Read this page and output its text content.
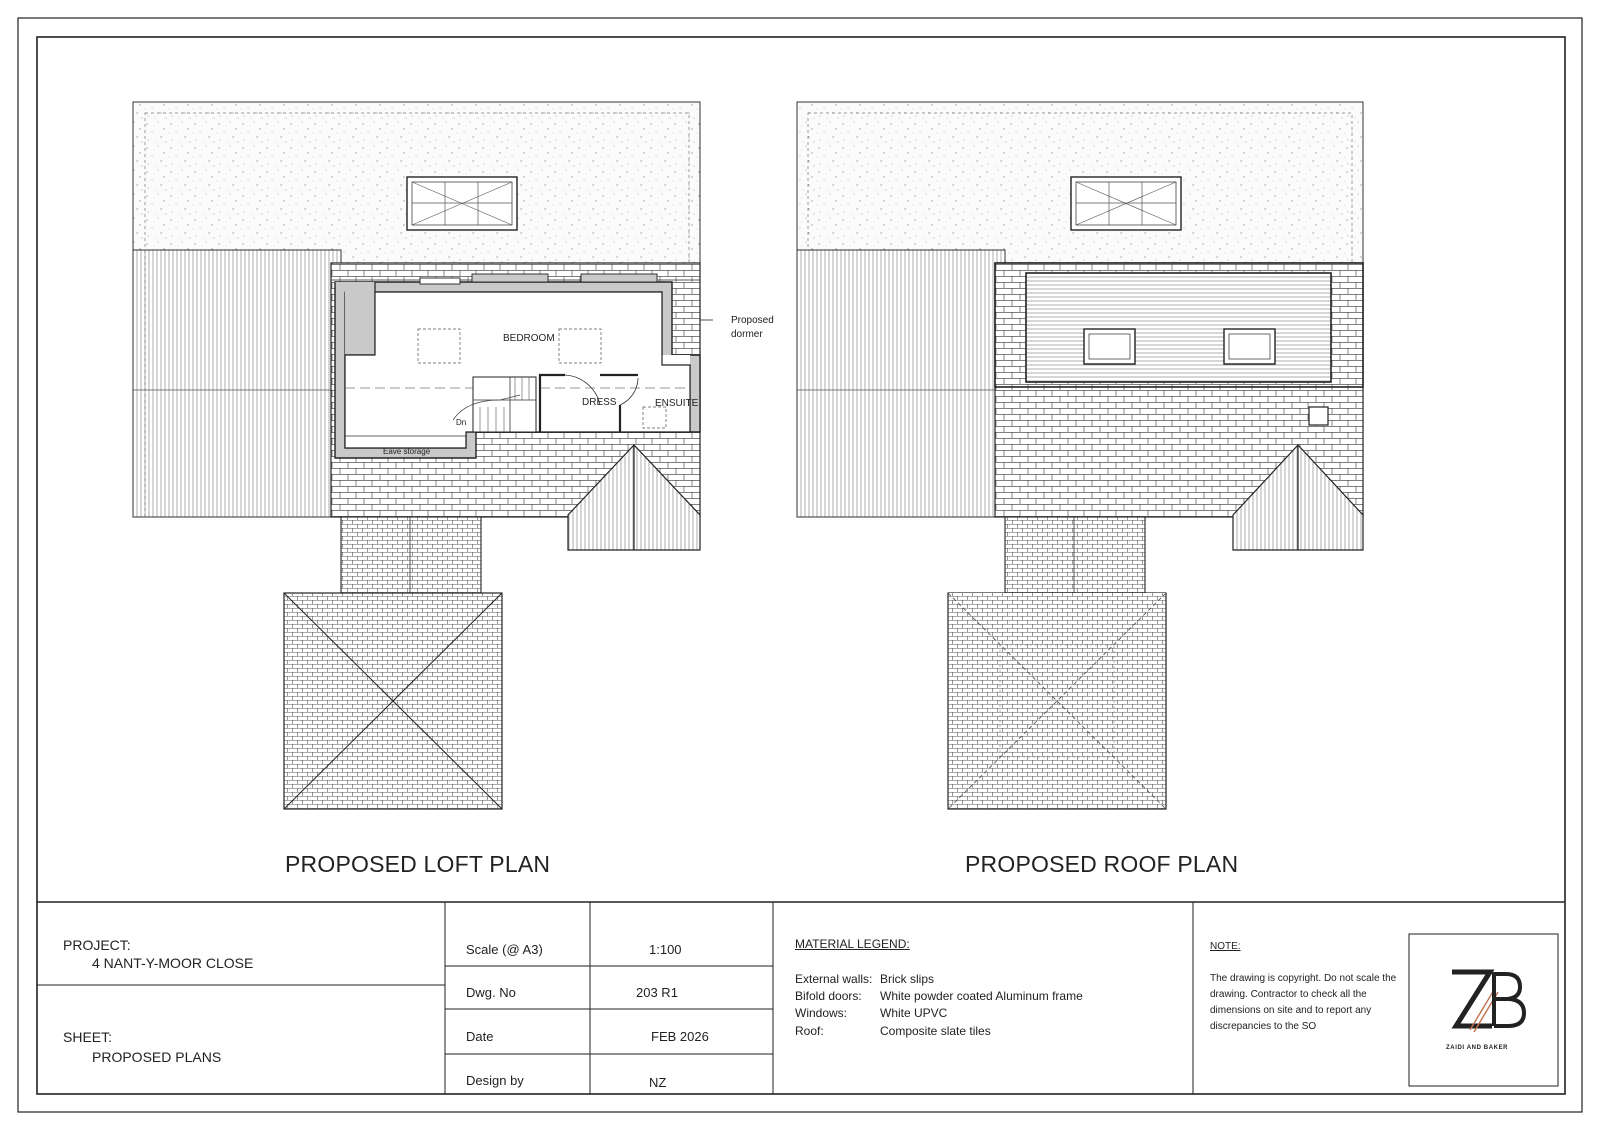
BEDROOM
DRESS	ENSUITE
Eave storage
Dn
Proposed
dormer
PROPOSED LOFT PLAN	PROPOSED ROOF PLAN
PROJECT:
4 NANT-Y-MOOR CLOSE
SHEET:
PROPOSED PLANS
Scale (@ A3)	1:100
Dwg. No	203 R1
Date	FEB 2026
Design by	NZ
MATERIAL LEGEND:
External walls: Brick slips
Bifold doors: White powder coated Aluminum frame
Windows:	White UPVC
Roof:	Composite slate tiles
NOTE:
The drawing is copyright. Do not scale the drawing. Contractor to check all the dimensions on site and to report any discrepancies to the SO
ZAIDI AND BAKER
